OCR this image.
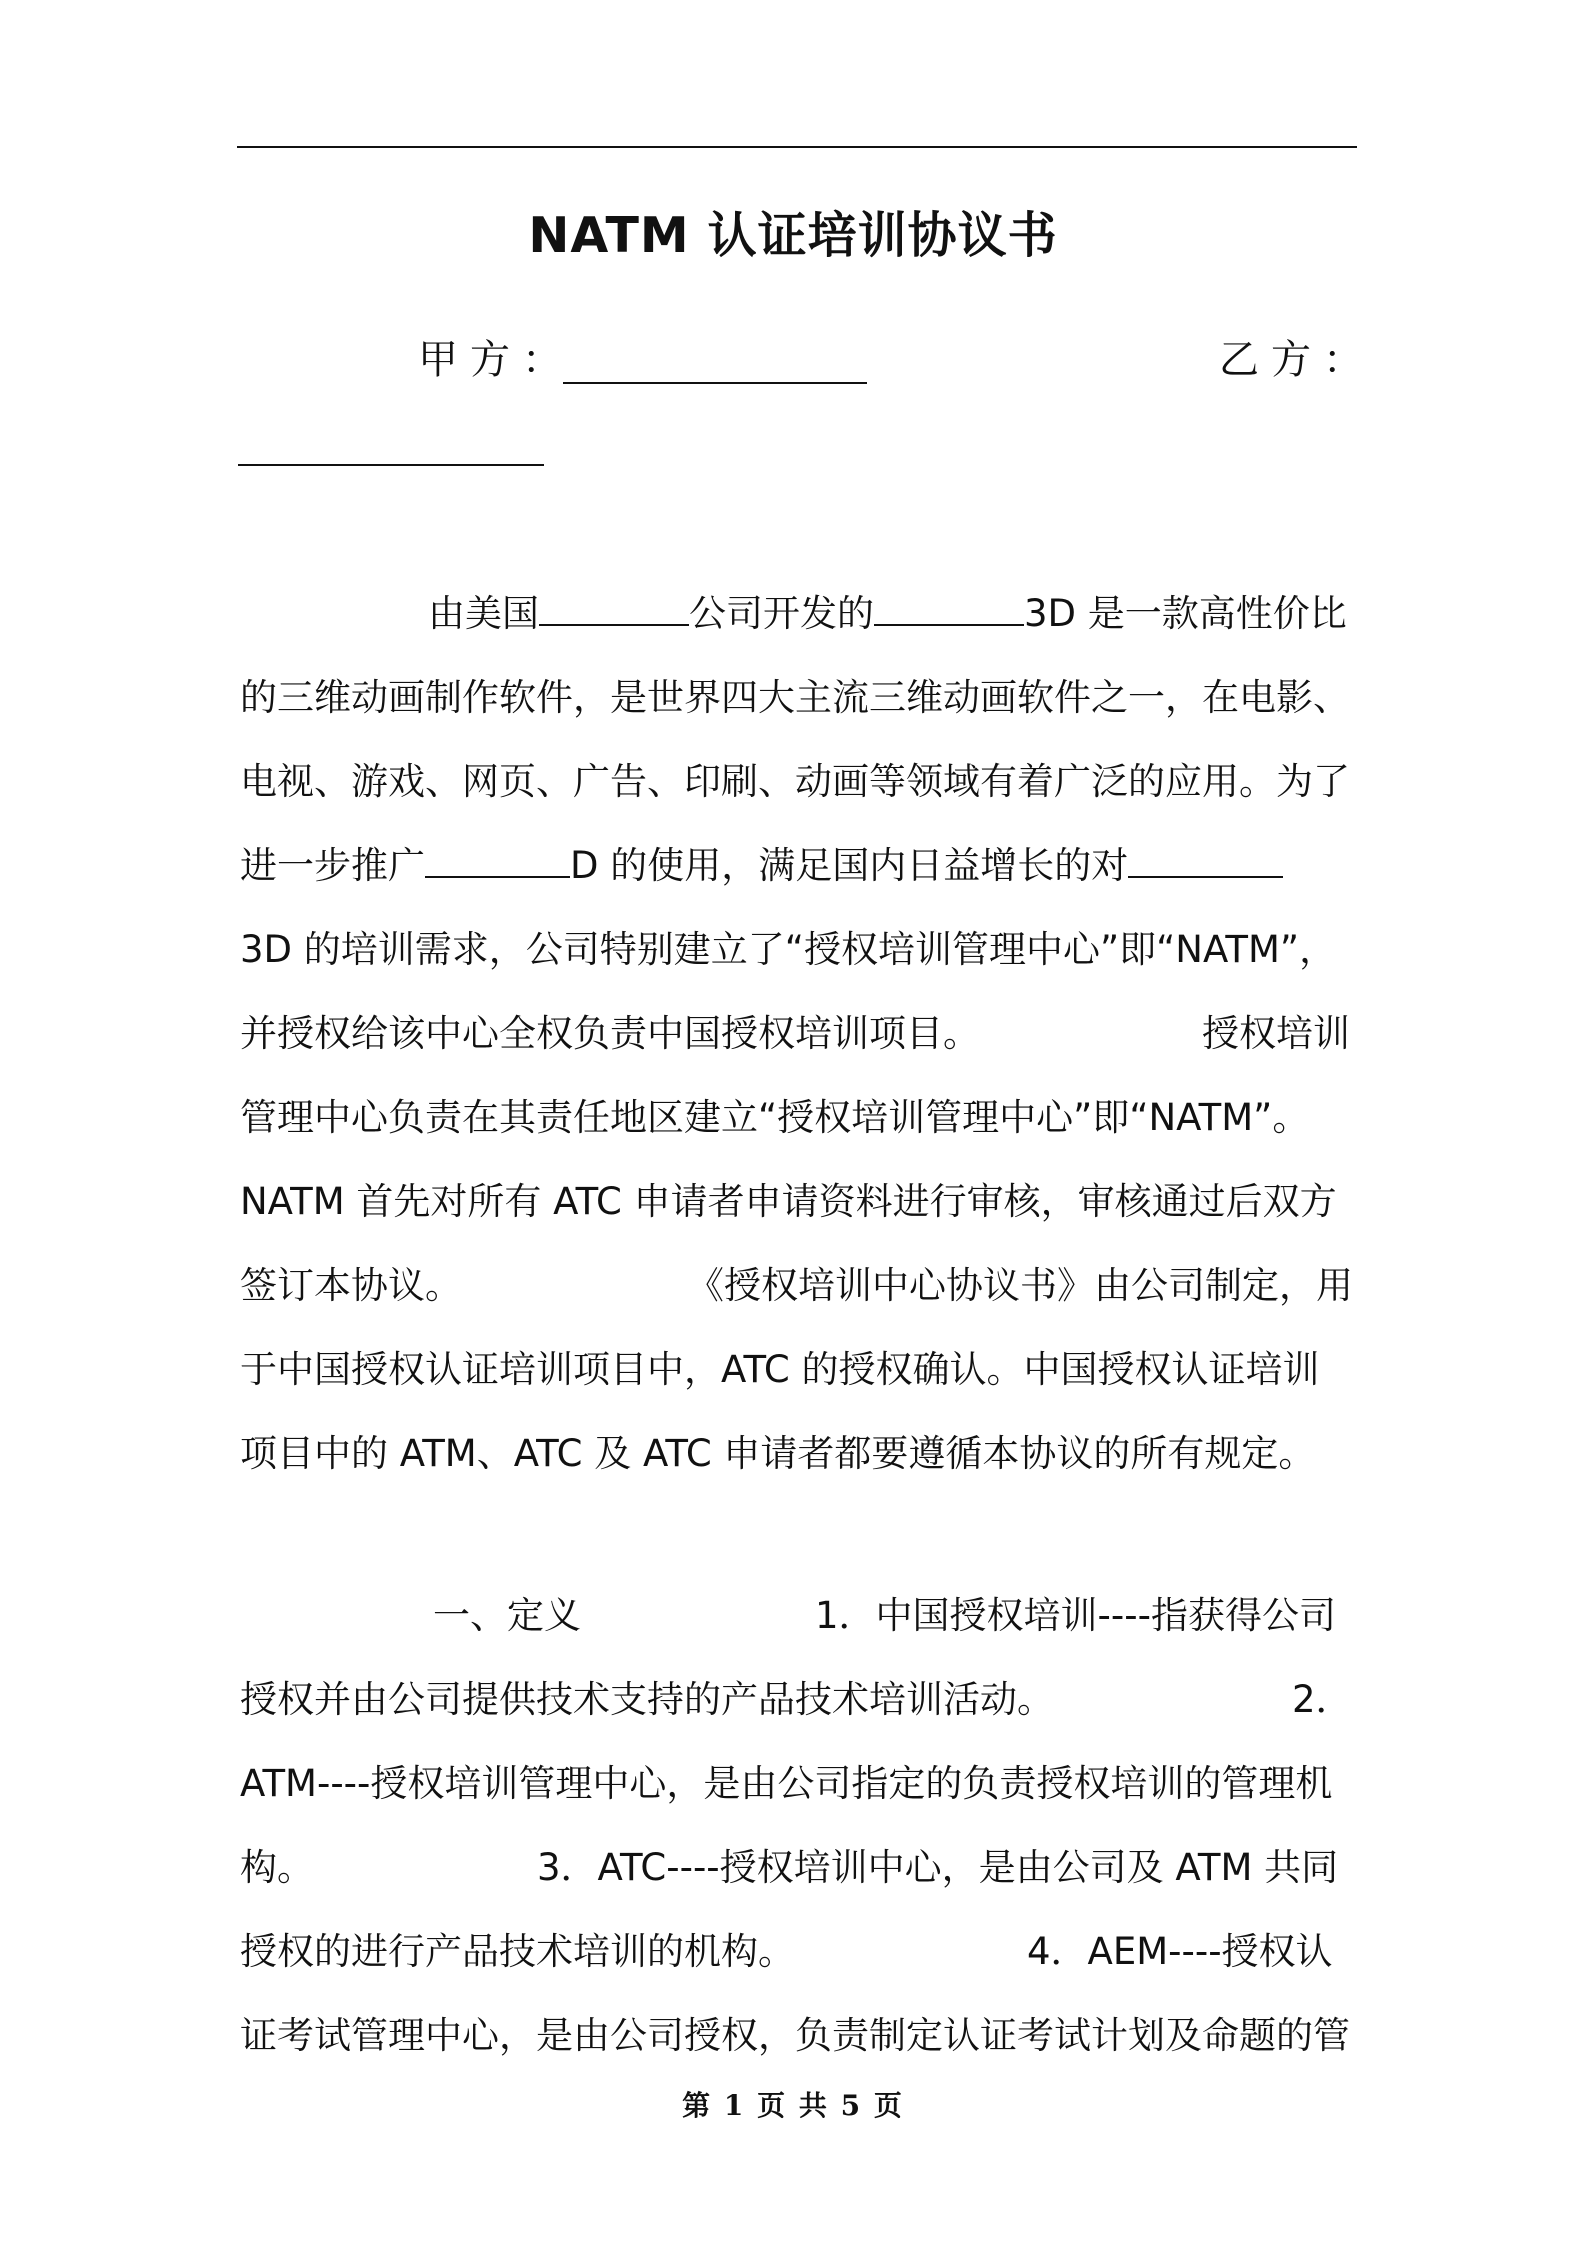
NATM 认证培训协议书
甲方：	乙方：
由美国	公司开发的	3D 是一款高性价比
的三维动画制作软件，是世界四大主流三维动画软件之一，在电影、
电视、游戏、网页、广告、印刷、动画等领域有着广泛的应用。为了
进一步推广	D 的使用，满足国内日益增长的对
3D 的培训需求，公司特别建立了“授权培训管理中心”即“NATM”，
并授权给该中心全权负责中国授权培训项目。	授权培训
管理中心负责在其责任地区建立“授权培训管理中心”即“NATM”。
NATM 首先对所有 ATC 申请者申请资料进行审核，审核通过后双方
签订本协议。	《授权培训中心协议书》由公司制定，用
于中国授权认证培训项目中，ATC 的授权确认。中国授权认证培训
项目中的 ATM、ATC 及 ATC 申请者都要遵循本协议的所有规定。
一、定义	1．中国授权培训----指获得公司
授权并由公司提供技术支持的产品技术培训活动。	2．
ATM----授权培训管理中心，是由公司指定的负责授权培训的管理机
构。	3．ATC----授权培训中心，是由公司及 ATM 共同
授权的进行产品技术培训的机构。	4．AEM----授权认
证考试管理中心，是由公司授权，负责制定认证考试计划及命题的管
第 1 页 共 5 页
